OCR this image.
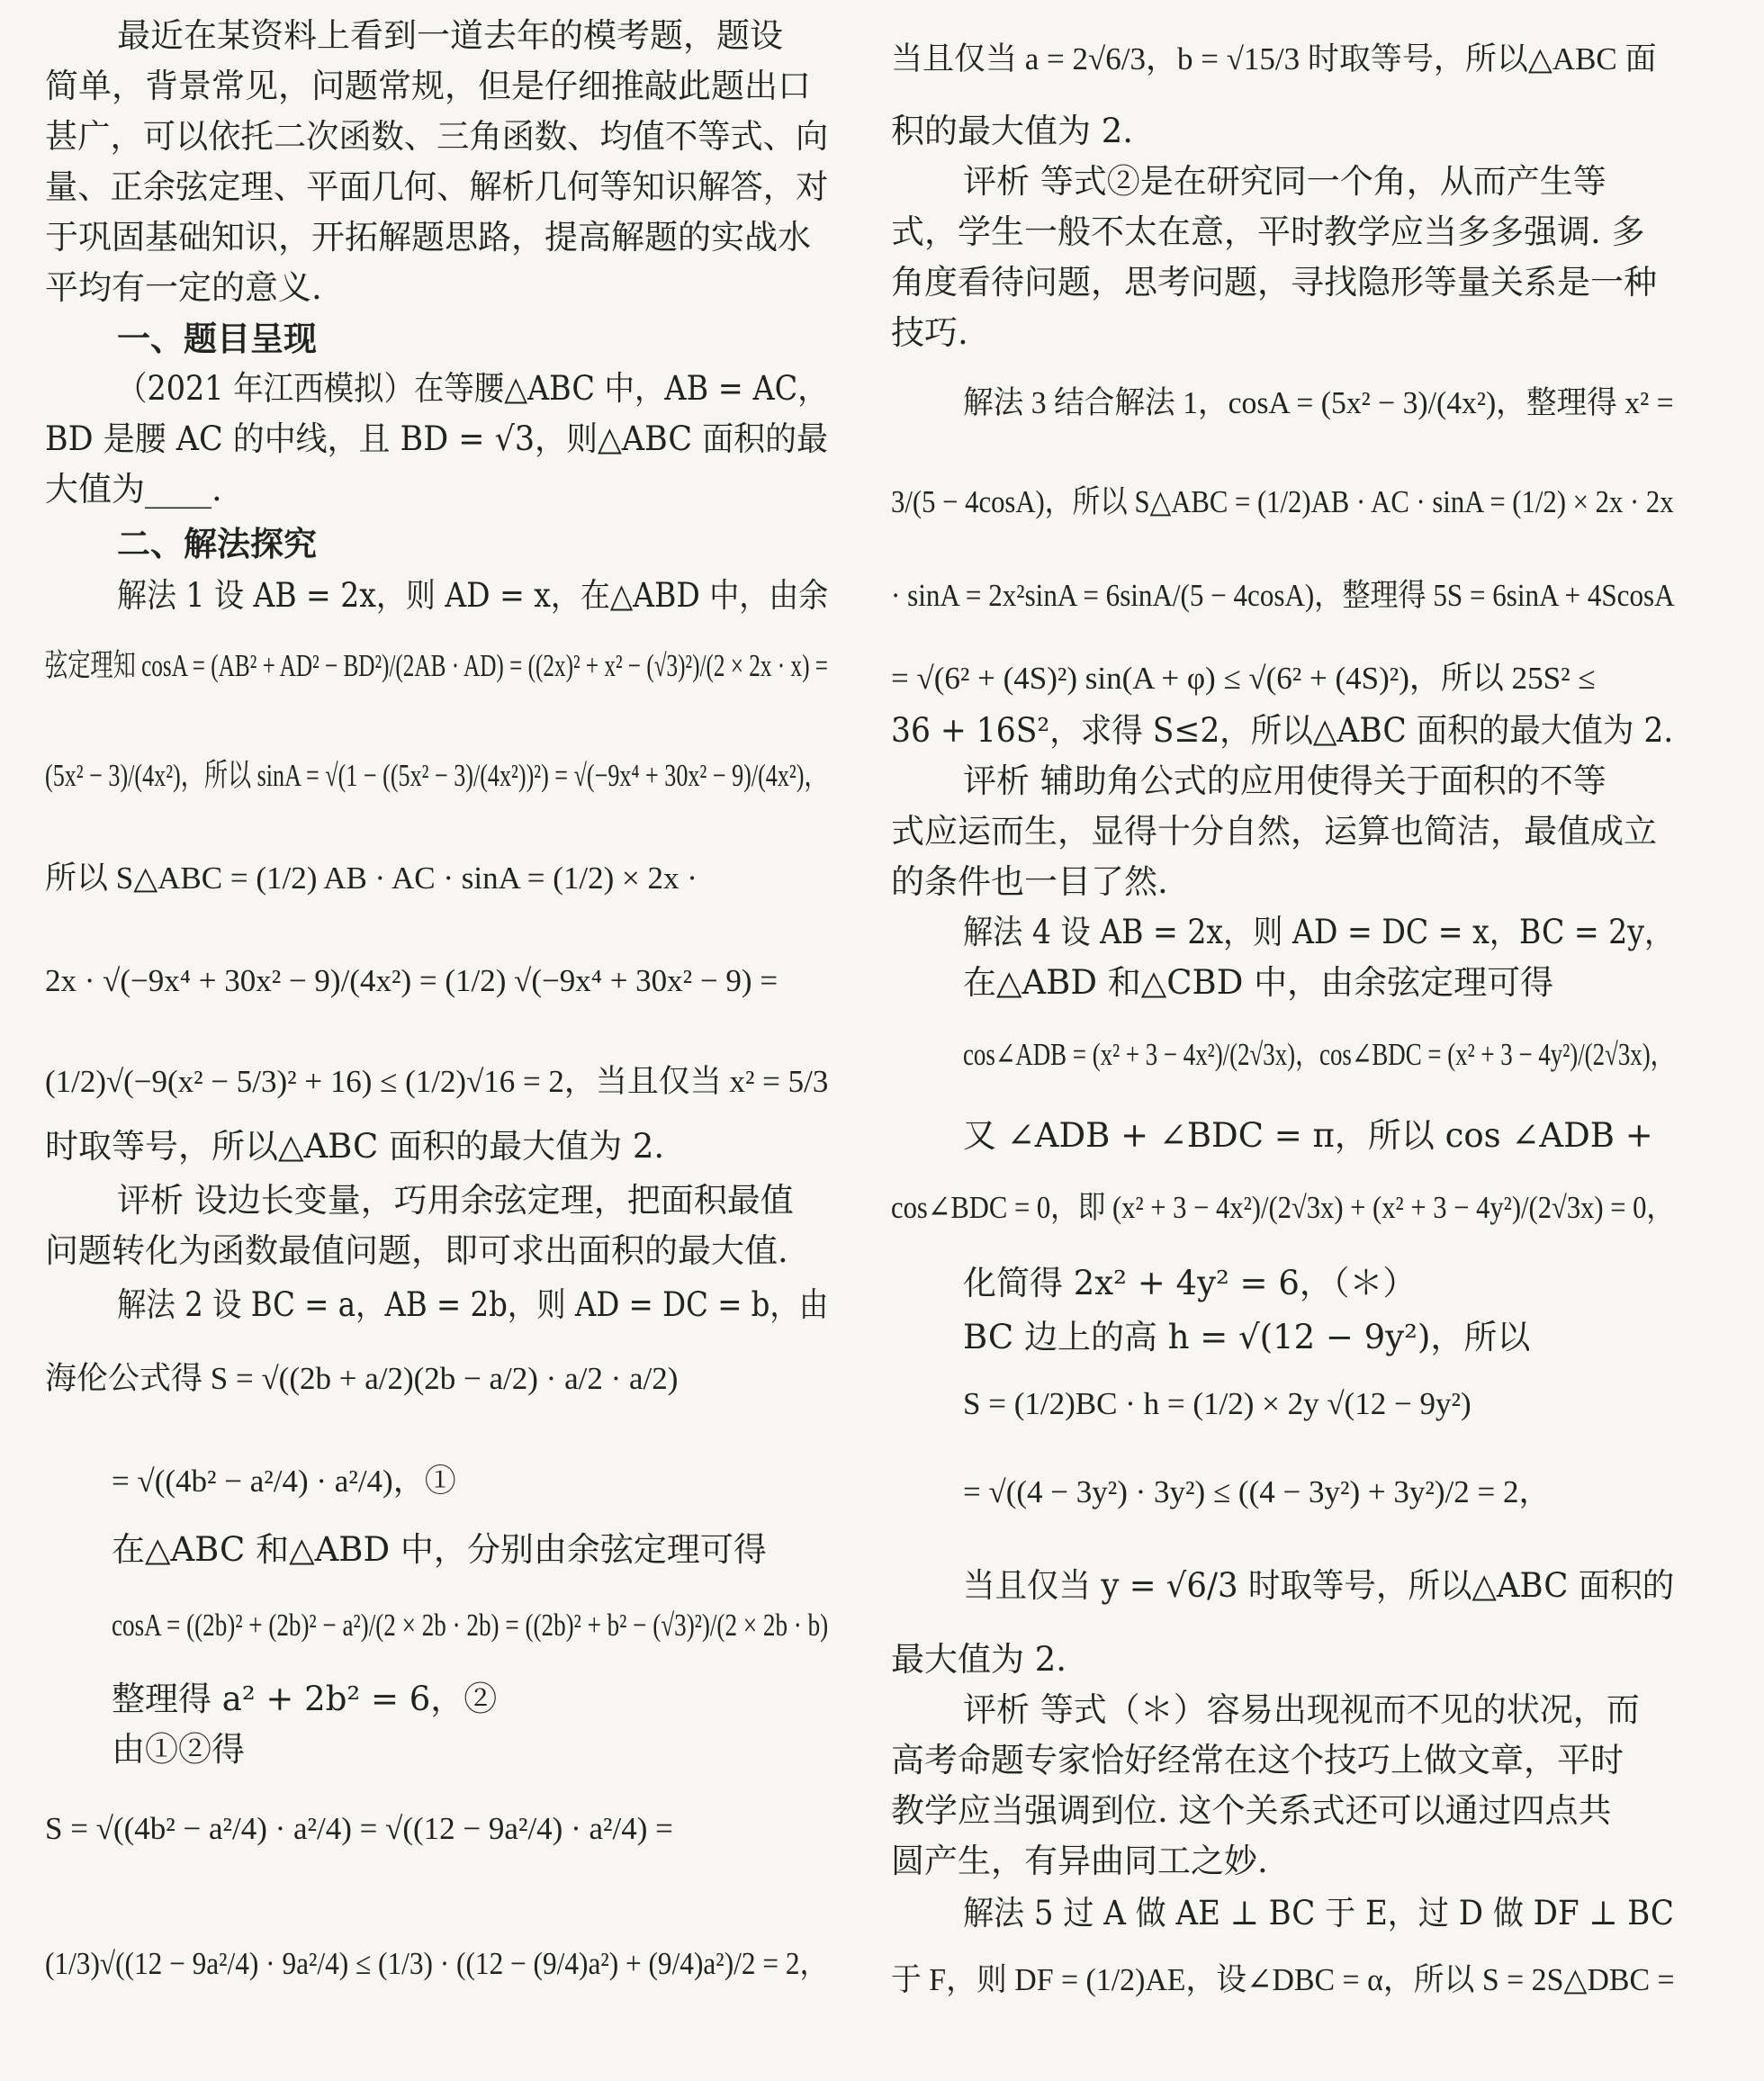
最近在某资料上看到一道去年的模考题，题设
简单，背景常见，问题常规，但是仔细推敲此题出口
甚广，可以依托二次函数、三角函数、均值不等式、向
量、正余弦定理、平面几何、解析几何等知识解答，对
于巩固基础知识，开拓解题思路，提高解题的实战水
平均有一定的意义.
一、题目呈现
（2021 年江西模拟）在等腰△ABC 中，AB = AC，
BD 是腰 AC 的中线，且 BD = √3，则△ABC 面积的最
大值为____.
二、解法探究
解法 1 设 AB = 2x，则 AD = x，在△ABD 中，由余
弦定理知 cosA = (AB² + AD² − BD²)/(2AB · AD) = ((2x)² + x² − (√3)²)/(2 × 2x · x) =
(5x² − 3)/(4x²)，所以 sinA = √(1 − ((5x² − 3)/(4x²))²) = √(−9x⁴ + 30x² − 9)/(4x²)，
所以 S△ABC = (1/2) AB · AC · sinA = (1/2) × 2x ·
2x · √(−9x⁴ + 30x² − 9)/(4x²) = (1/2) √(−9x⁴ + 30x² − 9) =
(1/2)√(−9(x² − 5/3)² + 16) ≤ (1/2)√16 = 2，当且仅当 x² = 5/3
时取等号，所以△ABC 面积的最大值为 2.
评析 设边长变量，巧用余弦定理，把面积最值
问题转化为函数最值问题，即可求出面积的最大值.
解法 2 设 BC = a，AB = 2b，则 AD = DC = b，由
海伦公式得 S = √((2b + a/2)(2b − a/2) · a/2 · a/2)
= √((4b² − a²/4) · a²/4)，①
在△ABC 和△ABD 中，分别由余弦定理可得
cosA = ((2b)² + (2b)² − a²)/(2 × 2b · 2b) = ((2b)² + b² − (√3)²)/(2 × 2b · b)
整理得 a² + 2b² = 6，②
由①②得
S = √((4b² − a²/4) · a²/4) = √((12 − 9a²/4) · a²/4) =
(1/3)√((12 − 9a²/4) · 9a²/4) ≤ (1/3) · ((12 − (9/4)a²) + (9/4)a²)/2 = 2，
当且仅当 a = 2√6/3，b = √15/3 时取等号，所以△ABC 面
积的最大值为 2.
评析 等式②是在研究同一个角，从而产生等
式，学生一般不太在意，平时教学应当多多强调. 多
角度看待问题，思考问题，寻找隐形等量关系是一种
技巧.
解法 3 结合解法 1，cosA = (5x² − 3)/(4x²)，整理得 x² =
3/(5 − 4cosA)，所以 S△ABC = (1/2)AB · AC · sinA = (1/2) × 2x · 2x
· sinA = 2x²sinA = 6sinA/(5 − 4cosA)，整理得 5S = 6sinA + 4ScosA
= √(6² + (4S)²) sin(A + φ) ≤ √(6² + (4S)²)，所以 25S² ≤
36 + 16S²，求得 S≤2，所以△ABC 面积的最大值为 2.
评析 辅助角公式的应用使得关于面积的不等
式应运而生，显得十分自然，运算也简洁，最值成立
的条件也一目了然.
解法 4 设 AB = 2x，则 AD = DC = x，BC = 2y，
在△ABD 和△CBD 中，由余弦定理可得
cos∠ADB = (x² + 3 − 4x²)/(2√3x)，cos∠BDC = (x² + 3 − 4y²)/(2√3x)，
又 ∠ADB + ∠BDC = π，所以 cos ∠ADB +
cos∠BDC = 0，即 (x² + 3 − 4x²)/(2√3x) + (x² + 3 − 4y²)/(2√3x) = 0，
化简得 2x² + 4y² = 6，（＊）
BC 边上的高 h = √(12 − 9y²)，所以
S = (1/2)BC · h = (1/2) × 2y √(12 − 9y²)
= √((4 − 3y²) · 3y²) ≤ ((4 − 3y²) + 3y²)/2 = 2，
当且仅当 y = √6/3 时取等号，所以△ABC 面积的
最大值为 2.
评析 等式（＊）容易出现视而不见的状况，而
高考命题专家恰好经常在这个技巧上做文章，平时
教学应当强调到位. 这个关系式还可以通过四点共
圆产生，有异曲同工之妙.
解法 5 过 A 做 AE ⊥ BC 于 E，过 D 做 DF ⊥ BC
于 F，则 DF = (1/2)AE，设∠DBC = α，所以 S = 2S△DBC =
